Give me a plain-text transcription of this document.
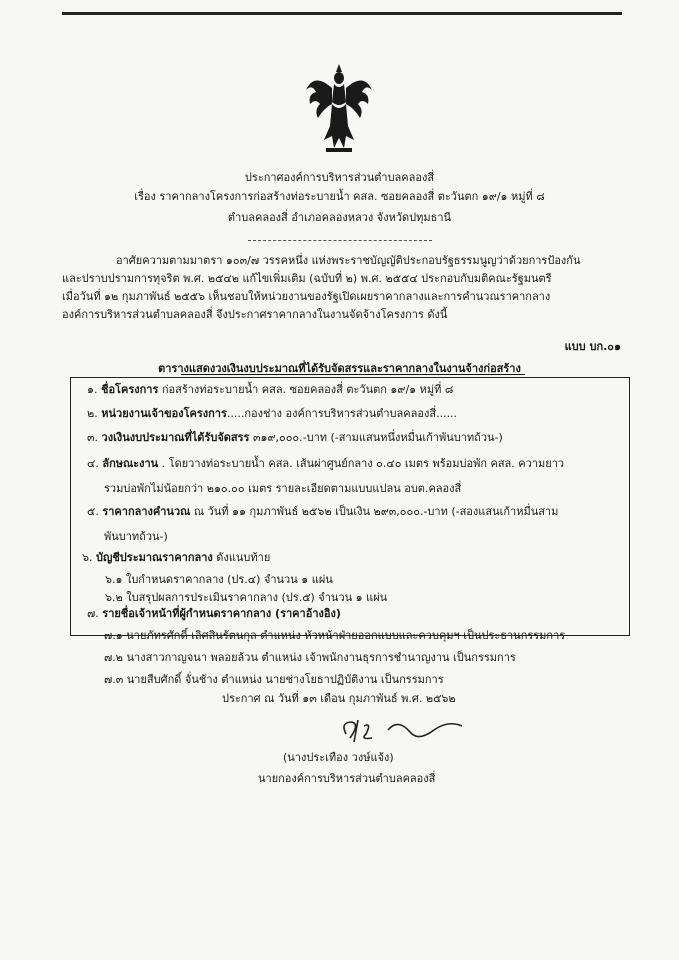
ประกาศองค์การบริหารส่วนตำบลคลองสี่
เรื่อง ราคากลางโครงการก่อสร้างท่อระบายน้ำ คสล. ซอยคลองสี่ ตะวันตก ๑๙/๑ หมู่ที่ ๘
ตำบลคลองสี่ อำเภอคลองหลวง จังหวัดปทุมธานี
อาศัยความตามมาตรา ๑๐๓/๗ วรรคหนึ่ง แห่งพระราชบัญญัติประกอบรัฐธรรมนูญว่าด้วยการป้องกัน
และปราบปรามการทุจริต พ.ศ. ๒๕๔๒ แก้ไขเพิ่มเติม (ฉบับที่ ๒) พ.ศ. ๒๕๕๔ ประกอบกับมติคณะรัฐมนตรี
เมื่อวันที่ ๑๒ กุมภาพันธ์ ๒๕๕๖ เห็นชอบให้หน่วยงานของรัฐเปิดเผยราคากลางและการคำนวณราคากลาง
องค์การบริหารส่วนตำบลคลองสี่ จึงประกาศราคากลางในงานจัดจ้างโครงการ ดังนี้
แบบ บก.๐๑
ตารางแสดงวงเงินงบประมาณที่ได้รับจัดสรรและราคากลางในงานจ้างก่อสร้าง
๑. ชื่อโครงการ ก่อสร้างท่อระบายน้ำ คสล. ซอยคลองสี่ ตะวันตก ๑๙/๑ หมู่ที่ ๘
๒. หน่วยงานเจ้าของโครงการ.....กองช่าง องค์การบริหารส่วนตำบลคลองสี่......
๓. วงเงินงบประมาณที่ได้รับจัดสรร ๓๑๙,๐๐๐.-บาท (-สามแสนหนึ่งหมื่นเก้าพันบาทถ้วน-)
๔. ลักษณะงาน . โดยวางท่อระบายน้ำ คสล. เส้นผ่าศูนย์กลาง ๐.๔๐ เมตร พร้อมบ่อพัก คสล. ความยาว
รวมบ่อพักไม่น้อยกว่า ๒๑๐.๐๐ เมตร รายละเอียดตามแบบแปลน อบต.คลองสี่
๕. ราคากลางคำนวณ ณ วันที่ ๑๑ กุมภาพันธ์ ๒๕๖๒ เป็นเงิน ๒๙๓,๐๐๐.-บาท (-สองแสนเก้าหมื่นสาม
พันบาทถ้วน-)
๖. บัญชีประมาณราคากลาง ดังแนบท้าย
๖.๑ ใบกำหนดราคากลาง (ปร.๔) จำนวน ๑ แผ่น
๖.๒ ใบสรุปผลการประเมินราคากลาง (ปร.๕) จำนวน ๑ แผ่น
๗. รายชื่อเจ้าหน้าที่ผู้กำหนดราคากลาง (ราคาอ้างอิง)
๗.๑ นายภัทรศักดิ์ เลิศสินรัตนกุล ตำแหน่ง หัวหน้าฝ่ายออกแบบและควบคุมฯ เป็นประธานกรรมการ
๗.๒ นางสาวกาญจนา พลอยล้วน ตำแหน่ง เจ้าพนักงานธุรการชำนาญงาน เป็นกรรมการ
๗.๓ นายสืบศักดิ์ จั่นช้าง ตำแหน่ง นายช่างโยธาปฏิบัติงาน เป็นกรรมการ
ประกาศ ณ วันที่ ๑๓ เดือน กุมภาพันธ์ พ.ศ. ๒๕๖๒
(นางประเทือง วงษ์แจ้ง)
นายกองค์การบริหารส่วนตำบลคลองสี่
